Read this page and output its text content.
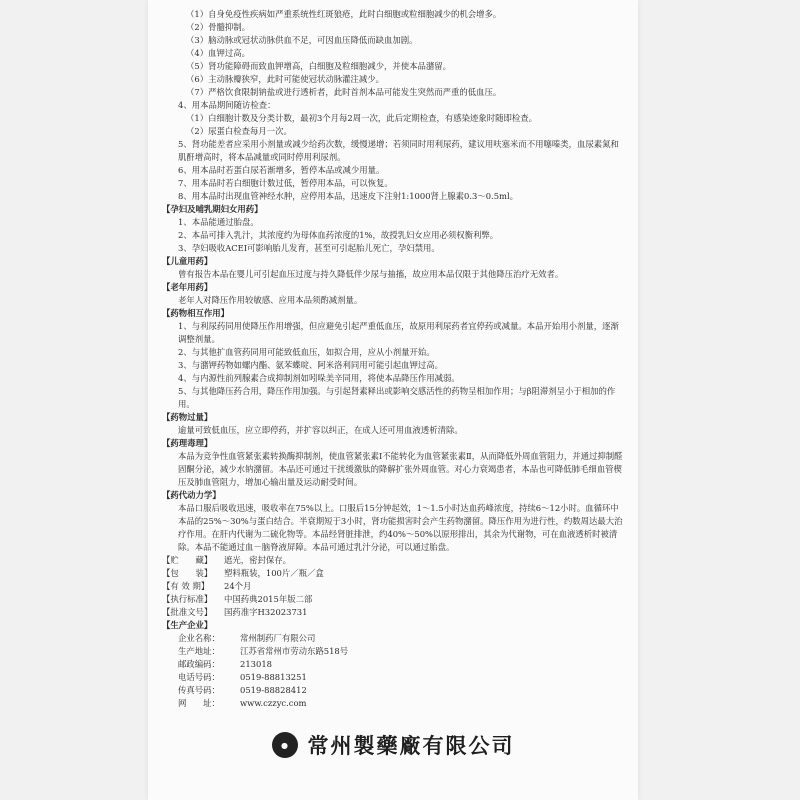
（1）自身免疫性疾病如严重系统性红斑狼疮，此时白细胞或粒细胞减少的机会增多。

（2）骨髓抑制。

（3）脑动脉或冠状动脉供血不足，可因血压降低而缺血加剧。

（4）血钾过高。

（5）肾功能障碍而致血钾增高，白细胞及粒细胞减少，并使本品潴留。

（6）主动脉瓣狭窄，此时可能使冠状动脉灌注减少。

（7）严格饮食限制钠盐或进行透析者，此时首剂本品可能发生突然而严重的低血压。

4、用本品期间随访检查：

（1）白细胞计数及分类计数，最初3个月每2周一次，此后定期检查，有感染迹象时随即检查。

（2）尿蛋白检查每月一次。

5、肾功能差者应采用小剂量或减少给药次数，缓慢递增；若须同时用利尿药，建议用呋塞米而不用噻嗪类，血尿素氮和肌酐增高时，将本品减量或同时停用利尿剂。

6、用本品时若蛋白尿若渐增多，暂停本品或减少用量。

7、用本品时若白细胞计数过低，暂停用本品，可以恢复。

8、用本品时出现血管神经水肿，应停用本品，迅速皮下注射1:1000肾上腺素0.3～0.5ml。

【孕妇及哺乳期妇女用药】

1、本品能通过胎盘。

2、本品可排入乳汁，其浓度约为母体血药浓度的1%，故授乳妇女应用必须权衡利弊。

3、孕妇吸收ACEI可影响胎儿发育，甚至可引起胎儿死亡，孕妇禁用。

【儿童用药】

曾有报告本品在婴儿可引起血压过度与持久降低伴少尿与抽搐，故应用本品仅限于其他降压治疗无效者。

【老年用药】

老年人对降压作用较敏感、应用本品须酌减剂量。

【药物相互作用】

1、与利尿药同用使降压作用增强，但应避免引起严重低血压，故原用利尿药者宜停药或减量。本品开始用小剂量，逐渐调整剂量。

2、与其他扩血管药同用可能致低血压，如拟合用，应从小剂量开始。

3、与潴钾药物如螺内酯、氨苯蝶啶、阿米洛利同用可能引起血钾过高。

4、与内源性前列腺素合成抑制剂如吲哚美辛同用，将使本品降压作用减弱。

5、与其他降压药合用，降压作用加强。与引起肾素释出或影响交感活性的药物呈相加作用；与β阻滞剂呈小于相加的作用。

【药物过量】

逾量可致低血压，应立即停药，并扩容以纠正，在成人还可用血液透析清除。

【药理毒理】

本品为竞争性血管紧张素转换酶抑制剂，使血管紧张素Ⅰ不能转化为血管紧张素Ⅱ，从而降低外周血管阻力，并通过抑制醛固酮分泌，减少水钠潴留。本品还可通过干扰缓激肽的降解扩张外周血管。对心力衰竭患者，本品也可降低肺毛细血管楔压及肺血管阻力，增加心输出量及运动耐受时间。

【药代动力学】

本品口服后吸收迅速，吸收率在75%以上。口服后15分钟起效，1～1.5小时达血药峰浓度，持续6～12小时。血循环中本品的25%～30%与蛋白结合。半衰期短于3小时，肾功能损害时会产生药物潴留。降压作用为进行性，约数周达最大治疗作用。在肝内代谢为二硫化物等。本品经肾脏排泄，约40%～50%以原形排出，其余为代谢物，可在血液透析时被清除。本品不能通过血－脑脊液屏障。本品可通过乳汁分泌，可以通过胎盘。

【贮　　藏】	遮光，密封保存。
【包　　装】	塑料瓶装，100片／瓶／盒
【有 效 期】	24个月
【执行标准】	中国药典2015年版二部
【批准文号】	国药准字H32023731

【生产企业】

企业名称：	常州制药厂有限公司
生产地址：	江苏省常州市劳动东路518号
邮政编码：	213018
电话号码：	0519-88813251
传真号码：	0519-88828412
网　　址：	www.czzyc.com
● 常州製藥廠有限公司
